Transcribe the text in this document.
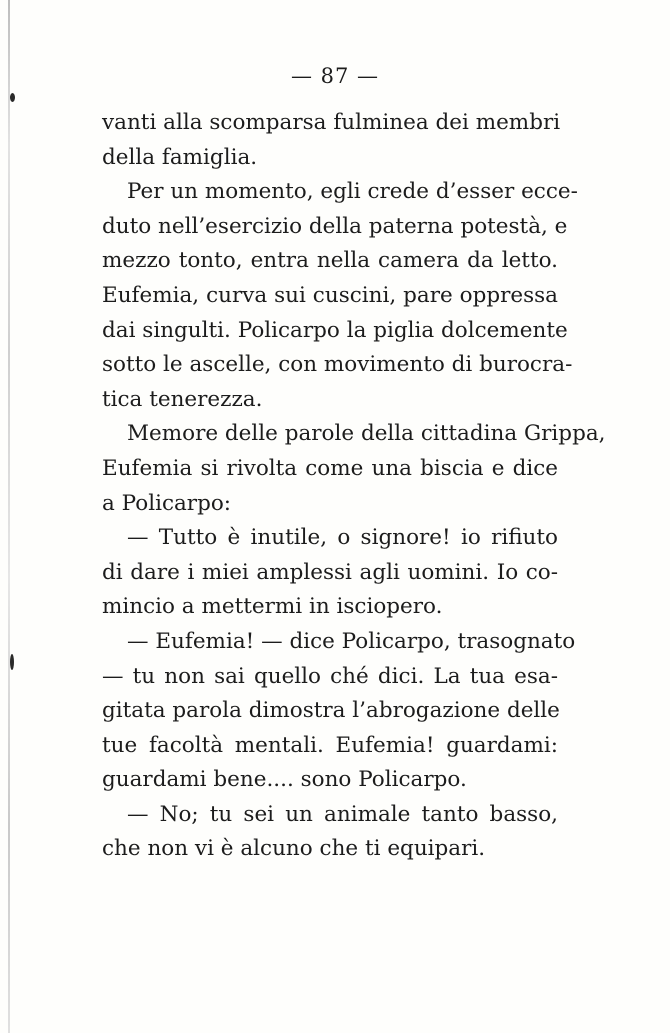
— 87 —
vanti alla scomparsa fulminea dei membri
della famiglia.
Per un momento, egli crede d’esser ecce-
duto nell’esercizio della paterna potestà, e
mezzo tonto, entra nella camera da letto.
Eufemia, curva sui cuscini, pare oppressa
dai singulti. Policarpo la piglia dolcemente
sotto le ascelle, con movimento di burocra-
tica tenerezza.
Memore delle parole della cittadina Grippa,
Eufemia si rivolta come una biscia e dice
a Policarpo:
— Tutto è inutile, o signore! io rifiuto
di dare i miei amplessi agli uomini. Io co-
mincio a mettermi in isciopero.
— Eufemia! — dice Policarpo, trasognato
— tu non sai quello ché dici. La tua esa-
gitata parola dimostra l’abrogazione delle
tue facoltà mentali. Eufemia! guardami:
guardami bene.... sono Policarpo.
— No; tu sei un animale tanto basso,
che non vi è alcuno che ti equipari.
